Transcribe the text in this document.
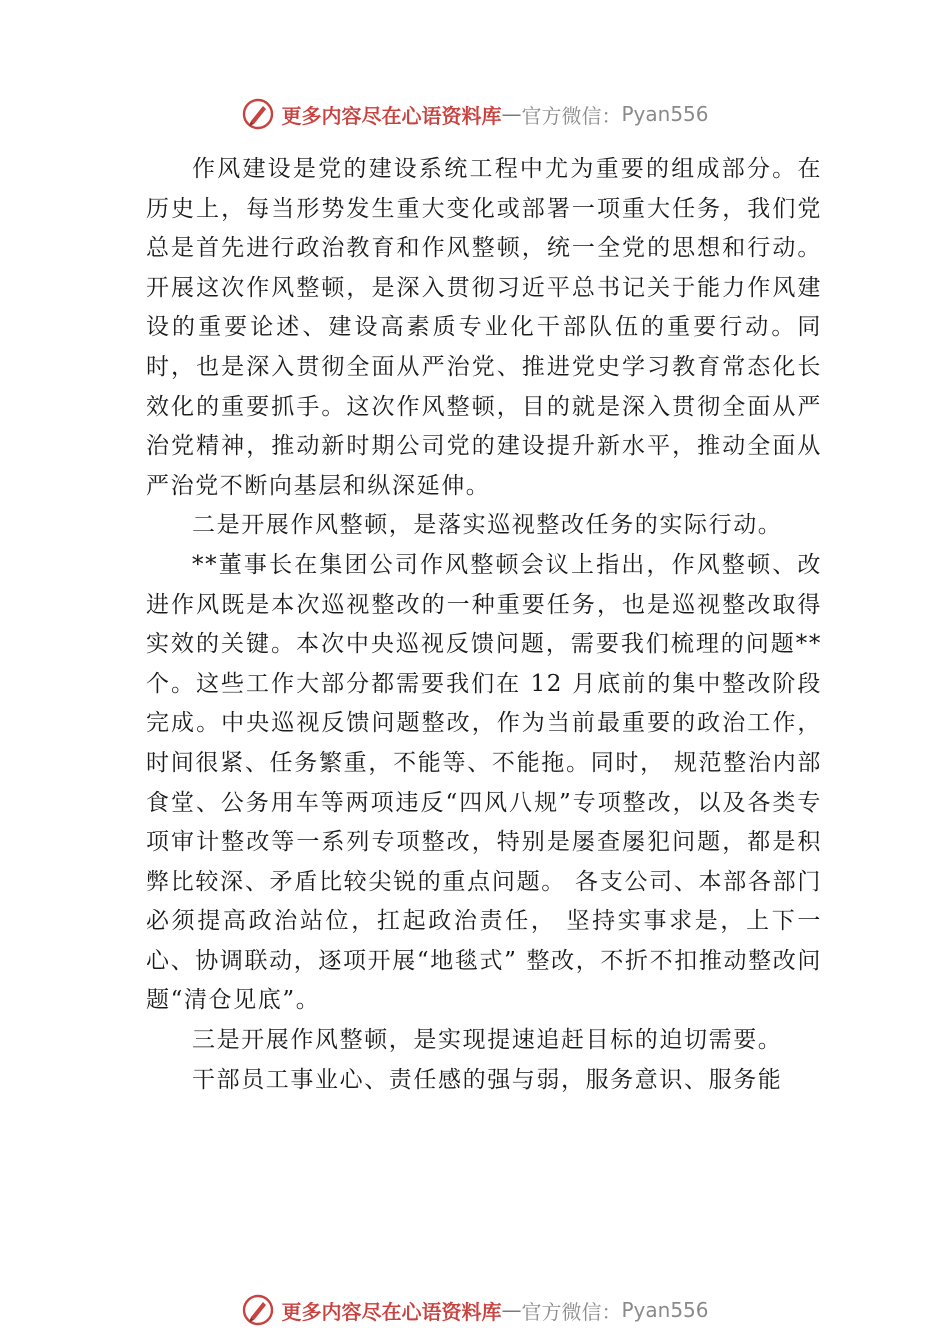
更多内容尽在心语资料库 — 官方微信： Pyan556

作风建设是党的建设系统工程中尤为重要的组成部分。在历史上，每当形势发生重大变化或部署一项重大任务，我们党总是首先进行政治教育和作风整顿，统一全党的思想和行动。开展这次作风整顿，是深入贯彻习近平总书记关于能力作风建设的重要论述、建设高素质专业化干部队伍的重要行动。同时，也是深入贯彻全面从严治党、推进党史学习教育常态化长效化的重要抓手。这次作风整顿，目的就是深入贯彻全面从严治党精神，推动新时期公司党的建设提升新水平，推动全面从严治党不断向基层和纵深延伸。

二是开展作风整顿，是落实巡视整改任务的实际行动。

**董事长在集团公司作风整顿会议上指出，作风整顿、改进作风既是本次巡视整改的一种重要任务，也是巡视整改取得实效的关键。本次中央巡视反馈问题，需要我们梳理的问题**个。这些工作大部分都需要我们在 12 月底前的集中整改阶段完成。中央巡视反馈问题整改，作为当前最重要的政治工作，时间很紧、任务繁重，不能等、不能拖。同时， 规范整治内部食堂、公务用车等两项违反“四风八规”专项整改，以及各类专项审计整改等一系列专项整改，特别是屡查屡犯问题，都是积弊比较深、矛盾比较尖锐的重点问题。 各支公司、本部各部门必须提高政治站位，扛起政治责任， 坚持实事求是，上下一心、协调联动，逐项开展“地毯式” 整改，不折不扣推动整改问题“清仓见底”。

三是开展作风整顿，是实现提速追赶目标的迫切需要。

干部员工事业心、责任感的强与弱，服务意识、服务能

更多内容尽在心语资料库 — 官方微信： Pyan556
